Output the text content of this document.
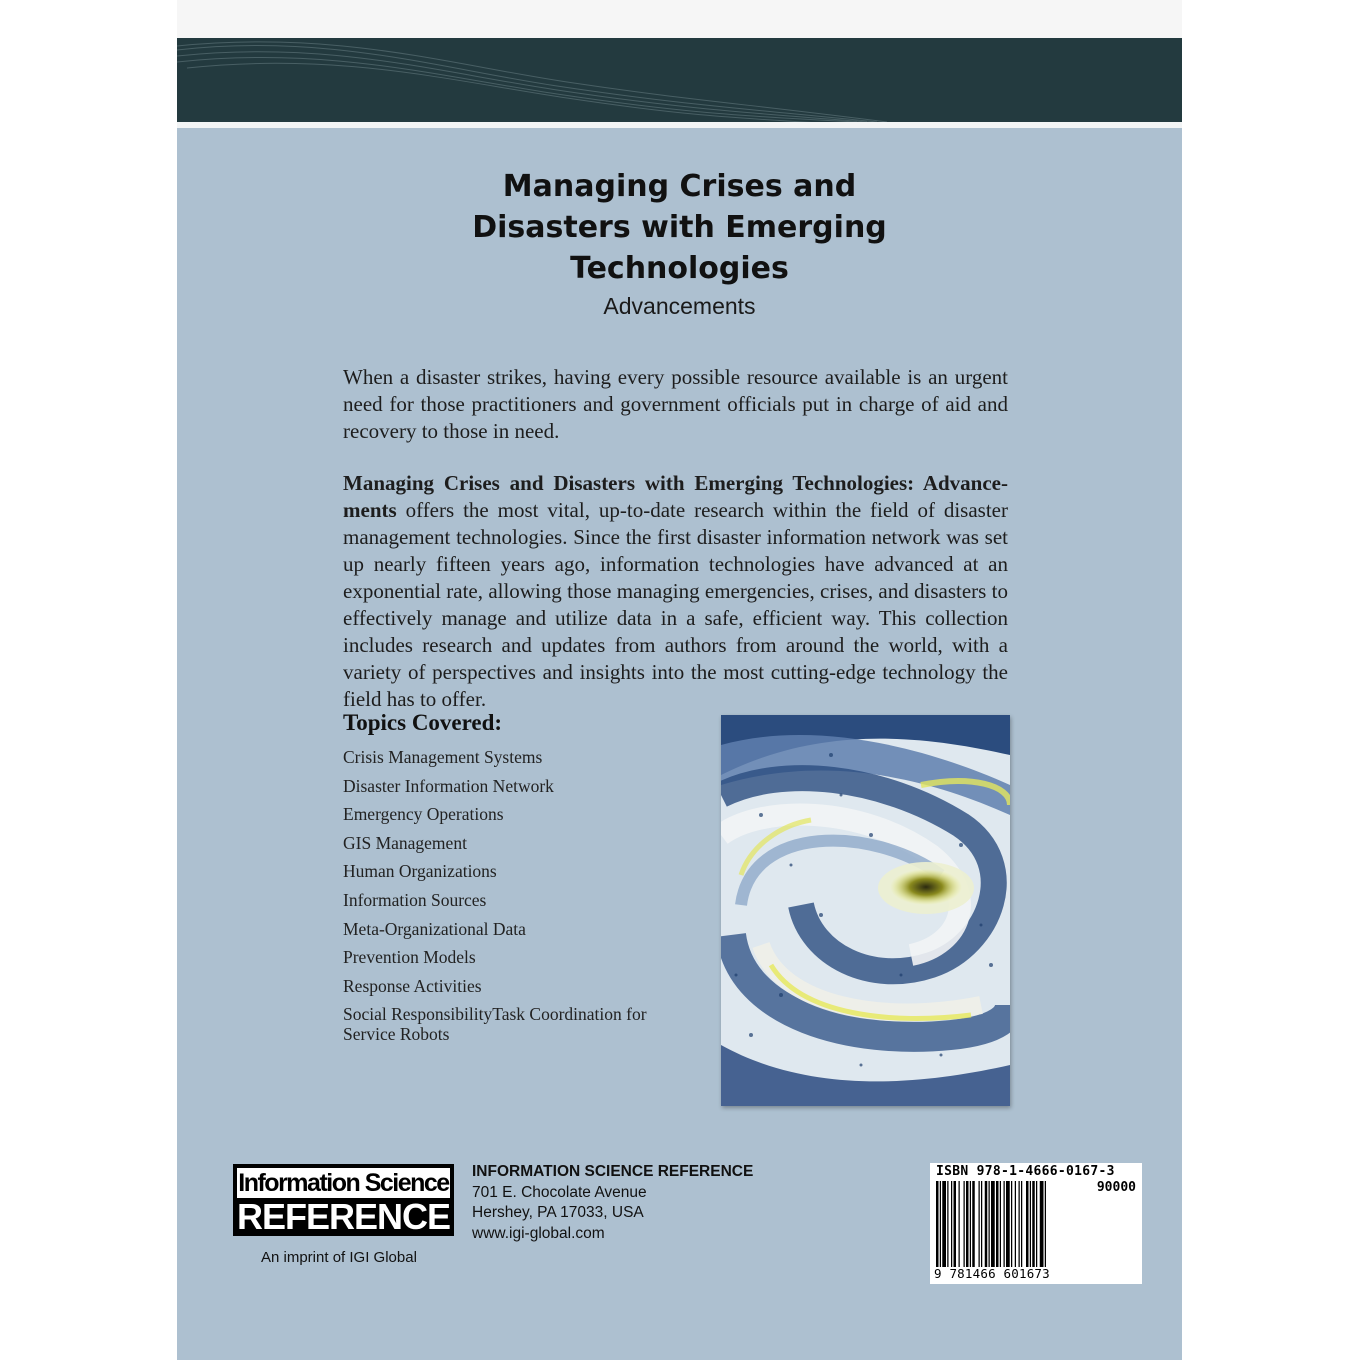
Managing Crises and
Disasters with Emerging
Technologies
Advancements
When a disaster strikes, having every possible resource available is an urgent need for those practitioners and government officials put in charge of aid and recovery to those in need.
Managing Crises and Disasters with Emerging Technologies: Advancements offers the most vital, up-to-date research within the field of disaster management technologies. Since the first disaster information network was set up nearly fifteen years ago, information technologies have advanced at an exponential rate, allowing those managing emergencies, crises, and disasters to effectively manage and utilize data in a safe, efficient way. This collection includes research and updates from authors from around the world, with a variety of perspectives and insights into the most cutting-edge technology the field has to offer.
Topics Covered:
Crisis Management Systems
Disaster Information Network
Emergency Operations
GIS Management
Human Organizations
Information Sources
Meta-Organizational Data
Prevention Models
Response Activities
Social ResponsibilityTask Coordination for Service Robots
Information Science
REFERENCE
An imprint of IGI Global
INFORMATION SCIENCE REFERENCE
701 E. Chocolate Avenue
Hershey, PA 17033, USA
www.igi-global.com
ISBN 978-1-4666-0167-3
90000
9 781466 601673
